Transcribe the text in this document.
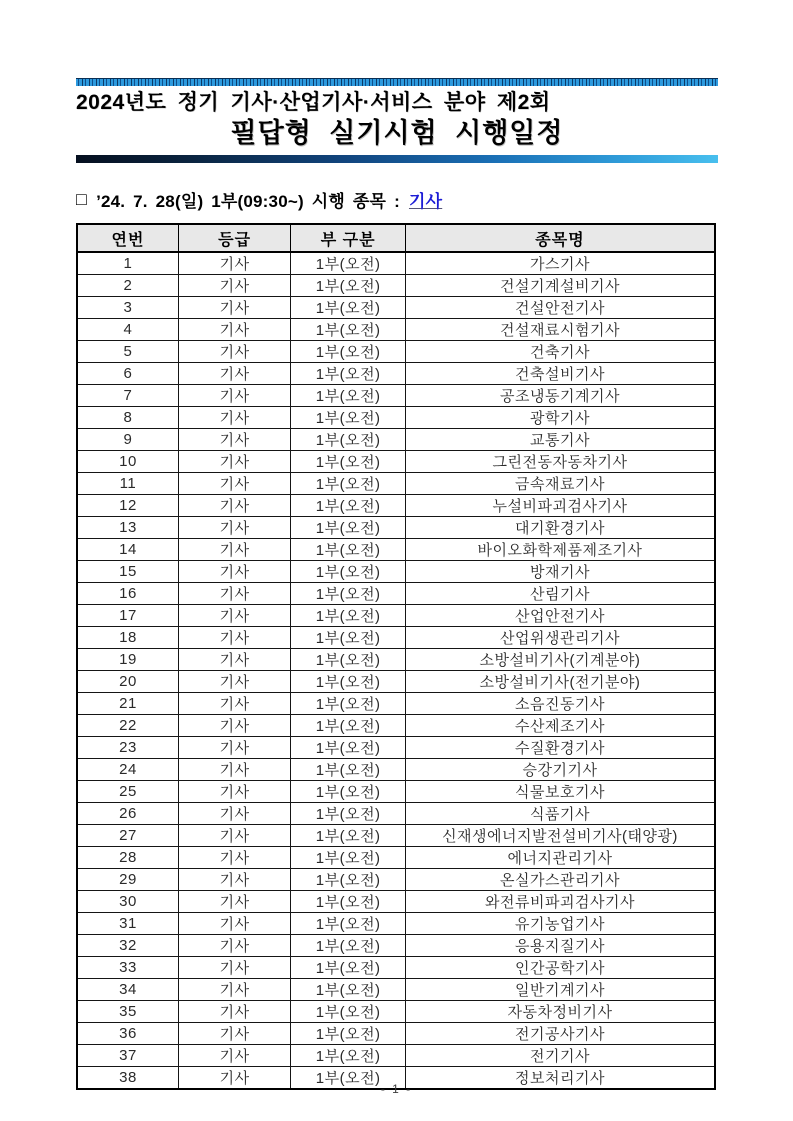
2024년도 정기 기사·산업기사·서비스 분야 제2회
필답형 실기시험 시행일정
□ ’24. 7. 28(일) 1부(09:30~) 시행 종목 : 기사
연번	등급	부 구분	종목명
1	기사	1부(오전)	가스기사
2	기사	1부(오전)	건설기계설비기사
3	기사	1부(오전)	건설안전기사
4	기사	1부(오전)	건설재료시험기사
5	기사	1부(오전)	건축기사
6	기사	1부(오전)	건축설비기사
7	기사	1부(오전)	공조냉동기계기사
8	기사	1부(오전)	광학기사
9	기사	1부(오전)	교통기사
10	기사	1부(오전)	그린전동자동차기사
11	기사	1부(오전)	금속재료기사
12	기사	1부(오전)	누설비파괴검사기사
13	기사	1부(오전)	대기환경기사
14	기사	1부(오전)	바이오화학제품제조기사
15	기사	1부(오전)	방재기사
16	기사	1부(오전)	산림기사
17	기사	1부(오전)	산업안전기사
18	기사	1부(오전)	산업위생관리기사
19	기사	1부(오전)	소방설비기사(기계분야)
20	기사	1부(오전)	소방설비기사(전기분야)
21	기사	1부(오전)	소음진동기사
22	기사	1부(오전)	수산제조기사
23	기사	1부(오전)	수질환경기사
24	기사	1부(오전)	승강기기사
25	기사	1부(오전)	식물보호기사
26	기사	1부(오전)	식품기사
27	기사	1부(오전)	신재생에너지발전설비기사(태양광)
28	기사	1부(오전)	에너지관리기사
29	기사	1부(오전)	온실가스관리기사
30	기사	1부(오전)	와전류비파괴검사기사
31	기사	1부(오전)	유기농업기사
32	기사	1부(오전)	응용지질기사
33	기사	1부(오전)	인간공학기사
34	기사	1부(오전)	일반기계기사
35	기사	1부(오전)	자동차정비기사
36	기사	1부(오전)	전기공사기사
37	기사	1부(오전)	전기기사
38	기사	1부(오전)	정보처리기사
- 1 -
